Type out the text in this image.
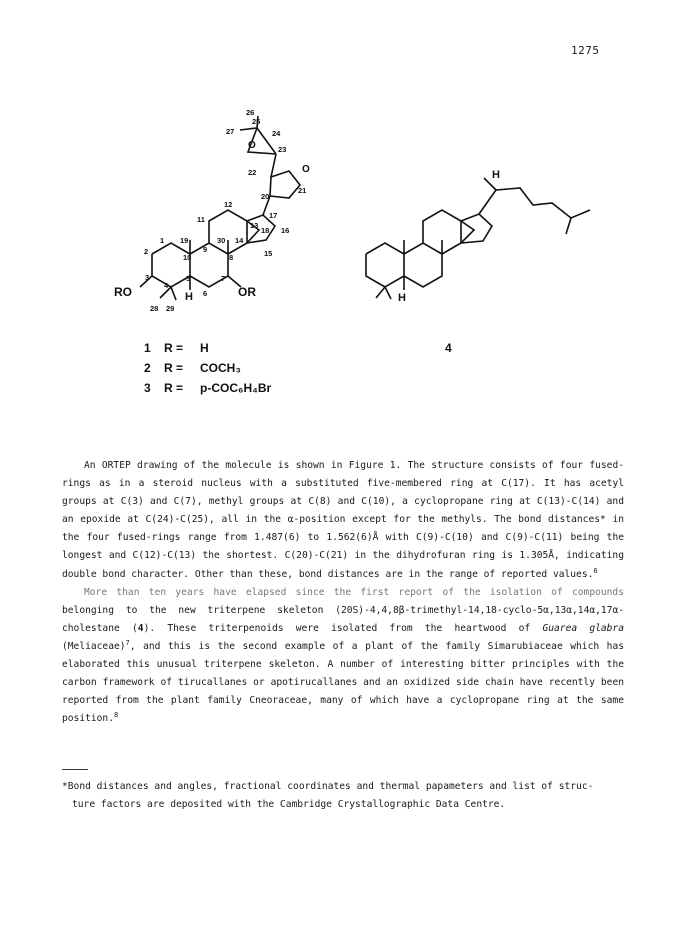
1275
26
25
27	24
O	23
22	O
20
21
12
17
11
13
18 16
1 19	30 14
9
2
10	8	15
5	7
3
4
6
28 29
H
RO	OR
H
H
1 R = H
2 R = COCH₃
3 R = p-COC₆H₄Br
4

An ORTEP drawing of the molecule is shown in Figure 1. The structure consists of four fused-rings as in a steroid nucleus with a substituted five-membered ring at C(17). It has acetyl groups at C(3) and C(7), methyl groups at C(8) and C(10), a cyclopropane ring at C(13)-C(14) and an epoxide at C(24)-C(25), all in the α-position except for the methyls. The bond distances* in the four fused-rings range from 1.487(6) to 1.562(6)Å with C(9)-C(10) and C(9)-C(11) being the longest and C(12)-C(13) the shortest. C(20)-C(21) in the dihydrofuran ring is 1.305Å, indicating double bond character. Other than these, bond distances are in the range of reported values.$^6$

More than ten years have elapsed since the first report of the isolation of compounds belonging to the new triterpene skeleton (20S)-4,4,8β-trimethyl-14,18-cyclo-5α,13α,14α,17α-cholestane (4). These triterpenoids were isolated from the heartwood of Guarea glabra (Meliaceae)$^7$, and this is the second example of a plant of the family Simarubiaceae which has elaborated this unusual triterpene skeleton. A number of interesting bitter principles with the carbon framework of tirucallanes or apotirucallanes and an oxidized side chain have recently been reported from the plant family Cneoraceae, many of which have a cyclopropane ring at the same position.$^8$

*Bond distances and angles, fractional coordinates and thermal papameters and list of struc-
ture factors are deposited with the Cambridge Crystallographic Data Centre.
